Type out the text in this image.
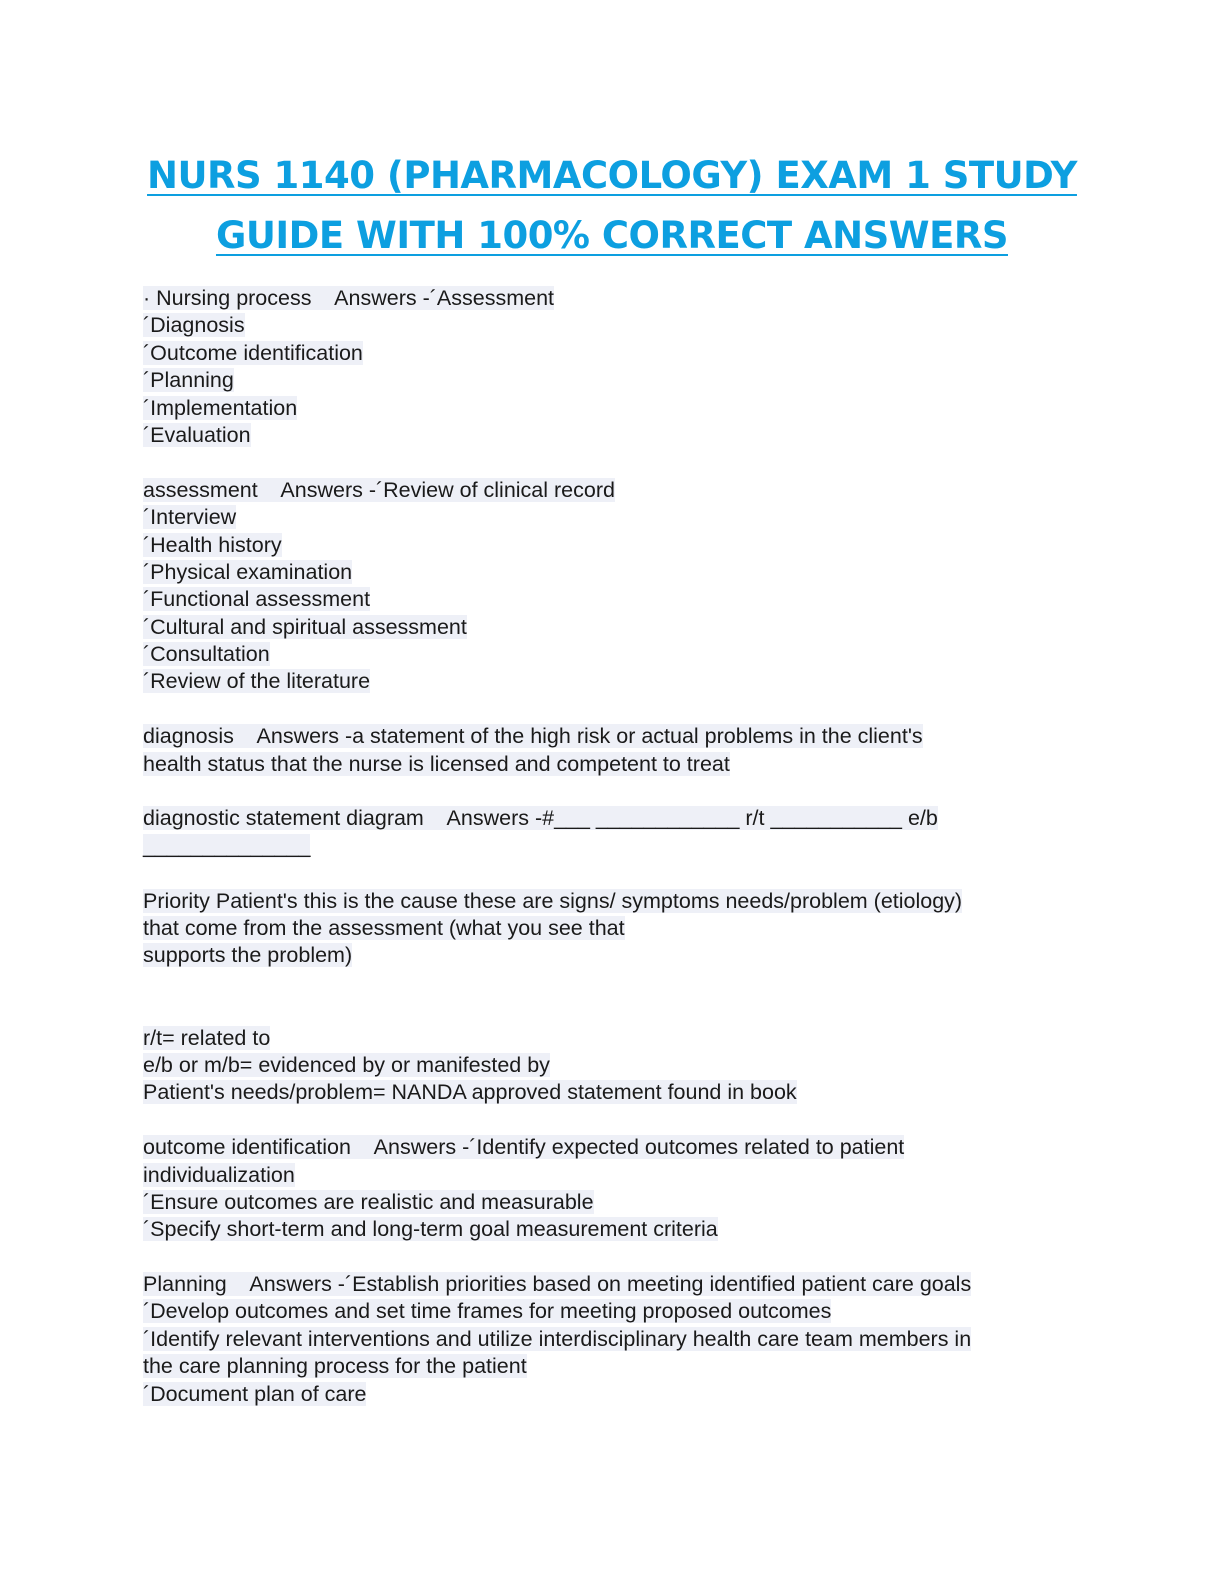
NURS 1140 (PHARMACOLOGY) EXAM 1 STUDY
GUIDE WITH 100% CORRECT ANSWERS
· Nursing process    Answers -´Assessment
´Diagnosis
´Outcome identification
´Planning
´Implementation
´Evaluation
assessment    Answers -´Review of clinical record
´Interview
´Health history
´Physical examination
´Functional assessment
´Cultural and spiritual assessment
´Consultation
´Review of the literature
diagnosis    Answers -a statement of the high risk or actual problems in the client's
health status that the nurse is licensed and competent to treat
diagnostic statement diagram    Answers -#___ ____________ r/t ___________ e/b
______________
Priority Patient's this is the cause these are signs/ symptoms needs/problem (etiology)
that come from the assessment (what you see that
supports the problem)
r/t= related to
e/b or m/b= evidenced by or manifested by
Patient's needs/problem= NANDA approved statement found in book
outcome identification    Answers -´Identify expected outcomes related to patient
individualization
´Ensure outcomes are realistic and measurable
´Specify short-term and long-term goal measurement criteria
Planning    Answers -´Establish priorities based on meeting identified patient care goals
´Develop outcomes and set time frames for meeting proposed outcomes
´Identify relevant interventions and utilize interdisciplinary health care team members in
the care planning process for the patient
´Document plan of care
